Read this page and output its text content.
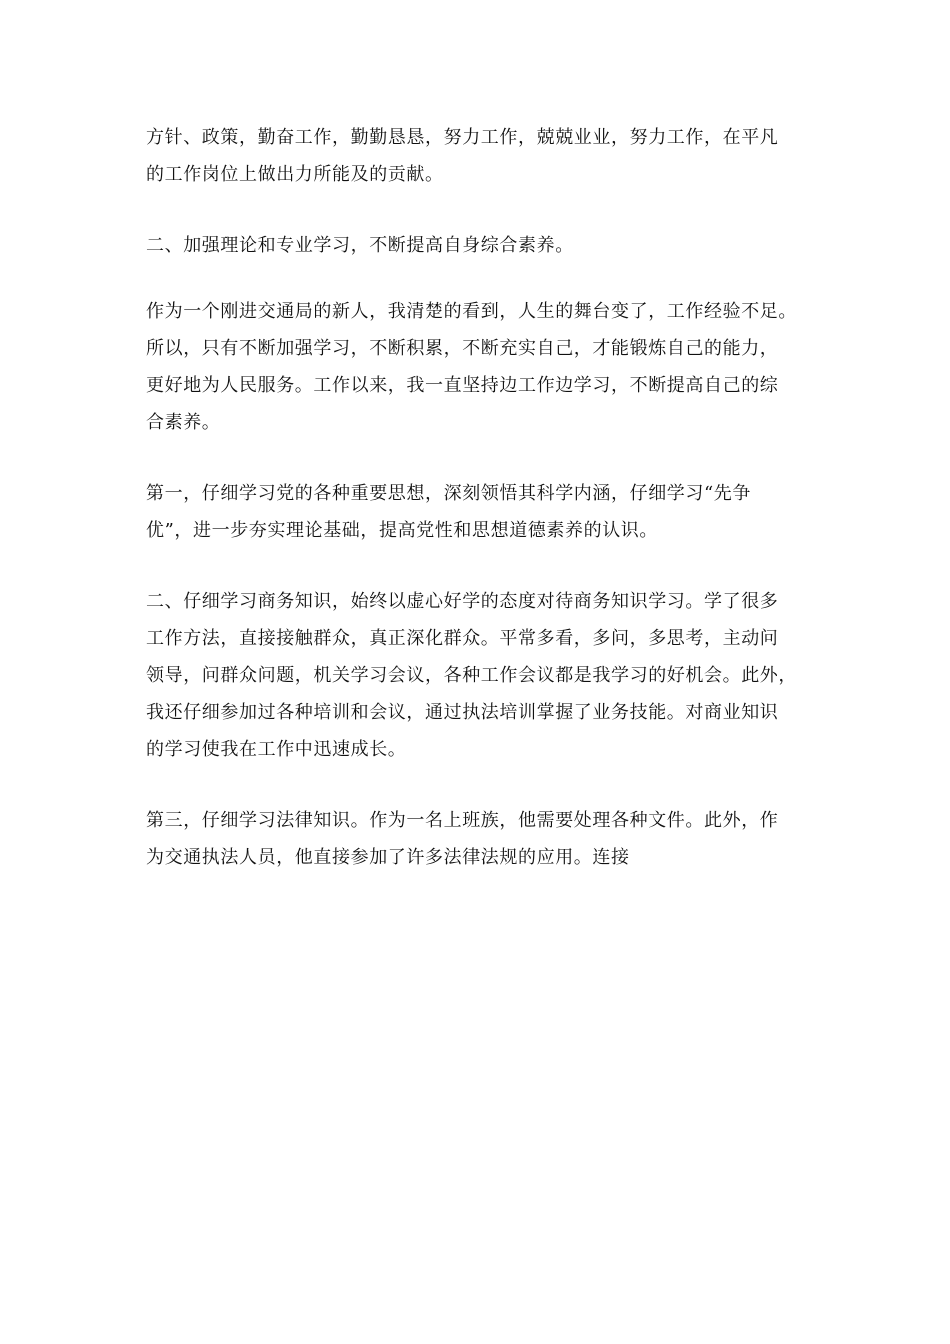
方针、政策，勤奋工作，勤勤恳恳，努力工作，兢兢业业，努力工作，在平凡
的工作岗位上做出力所能及的贡献。
二、加强理论和专业学习，不断提高自身综合素养。
作为一个刚进交通局的新人，我清楚的看到，人生的舞台变了，工作经验不足。
所以，只有不断加强学习，不断积累，不断充实自己，才能锻炼自己的能力，
更好地为人民服务。工作以来，我一直坚持边工作边学习，不断提高自己的综
合素养。
第一，仔细学习党的各种重要思想，深刻领悟其科学内涵，仔细学习“先争
优”，进一步夯实理论基础，提高党性和思想道德素养的认识。
二、仔细学习商务知识，始终以虚心好学的态度对待商务知识学习。学了很多
工作方法，直接接触群众，真正深化群众。平常多看，多问，多思考，主动问
领导，问群众问题，机关学习会议，各种工作会议都是我学习的好机会。此外，
我还仔细参加过各种培训和会议，通过执法培训掌握了业务技能。对商业知识
的学习使我在工作中迅速成长。
第三，仔细学习法律知识。作为一名上班族，他需要处理各种文件。此外，作
为交通执法人员，他直接参加了许多法律法规的应用。连接
